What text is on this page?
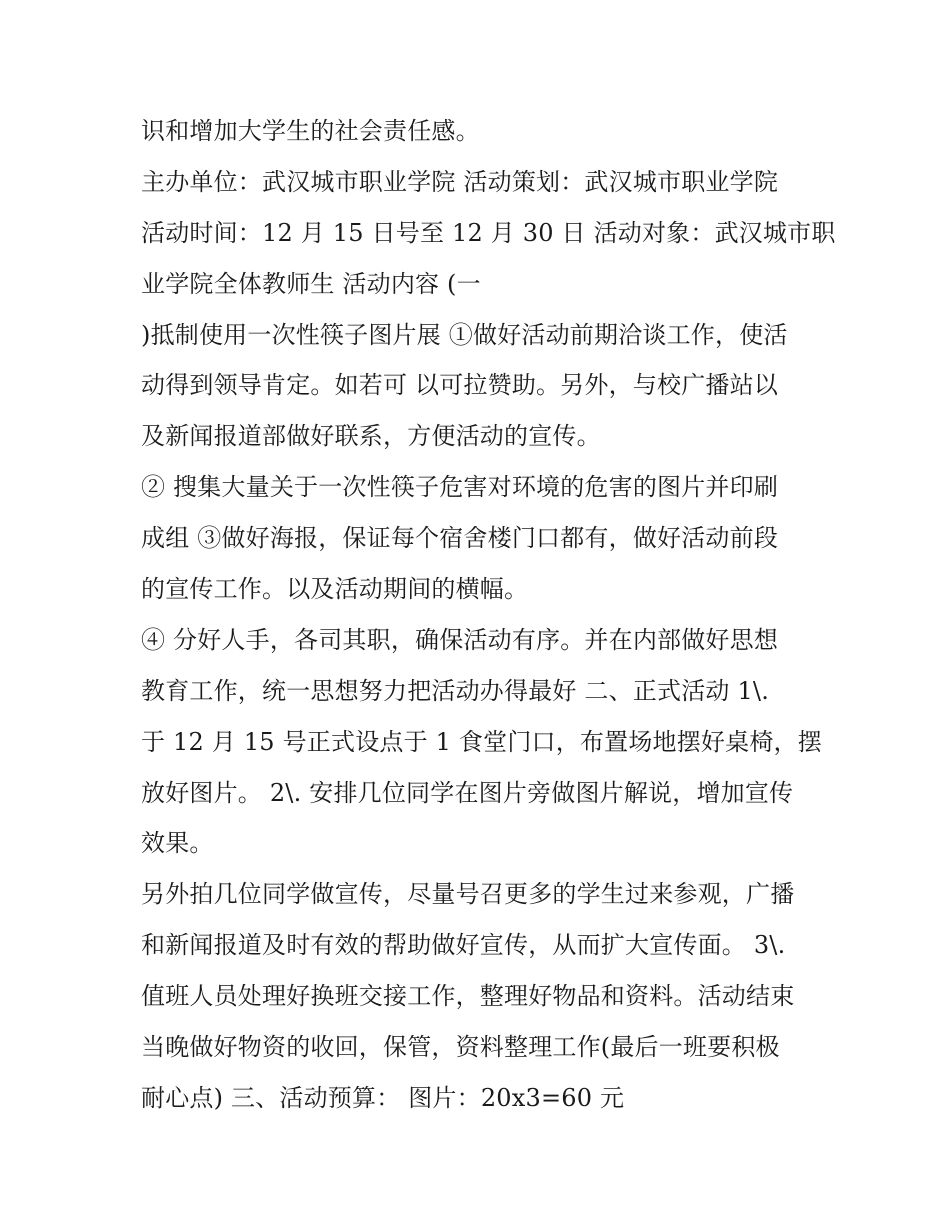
识和增加大学生的社会责任感。
主办单位：武汉城市职业学院 活动策划：武汉城市职业学院
活动时间：12 月 15 日号至 12 月 30 日 活动对象：武汉城市职
业学院全体教师生 活动内容 (一
)抵制使用一次性筷子图片展 ①做好活动前期洽谈工作，使活
动得到领导肯定。如若可 以可拉赞助。另外，与校广播站以
及新闻报道部做好联系，方便活动的宣传。
② 搜集大量关于一次性筷子危害对环境的危害的图片并印刷
成组 ③做好海报，保证每个宿舍楼门口都有，做好活动前段
的宣传工作。以及活动期间的横幅。
④ 分好人手，各司其职，确保活动有序。并在内部做好思想
教育工作，统一思想努力把活动办得最好 二、正式活动 1\.
于 12 月 15 号正式设点于 1 食堂门口，布置场地摆好桌椅，摆
放好图片。 2\. 安排几位同学在图片旁做图片解说，增加宣传
效果。
另外拍几位同学做宣传，尽量号召更多的学生过来参观，广播
和新闻报道及时有效的帮助做好宣传，从而扩大宣传面。 3\.
值班人员处理好换班交接工作，整理好物品和资料。活动结束
当晚做好物资的收回，保管，资料整理工作(最后一班要积极
耐心点) 三、活动预算： 图片：20x3=60 元
